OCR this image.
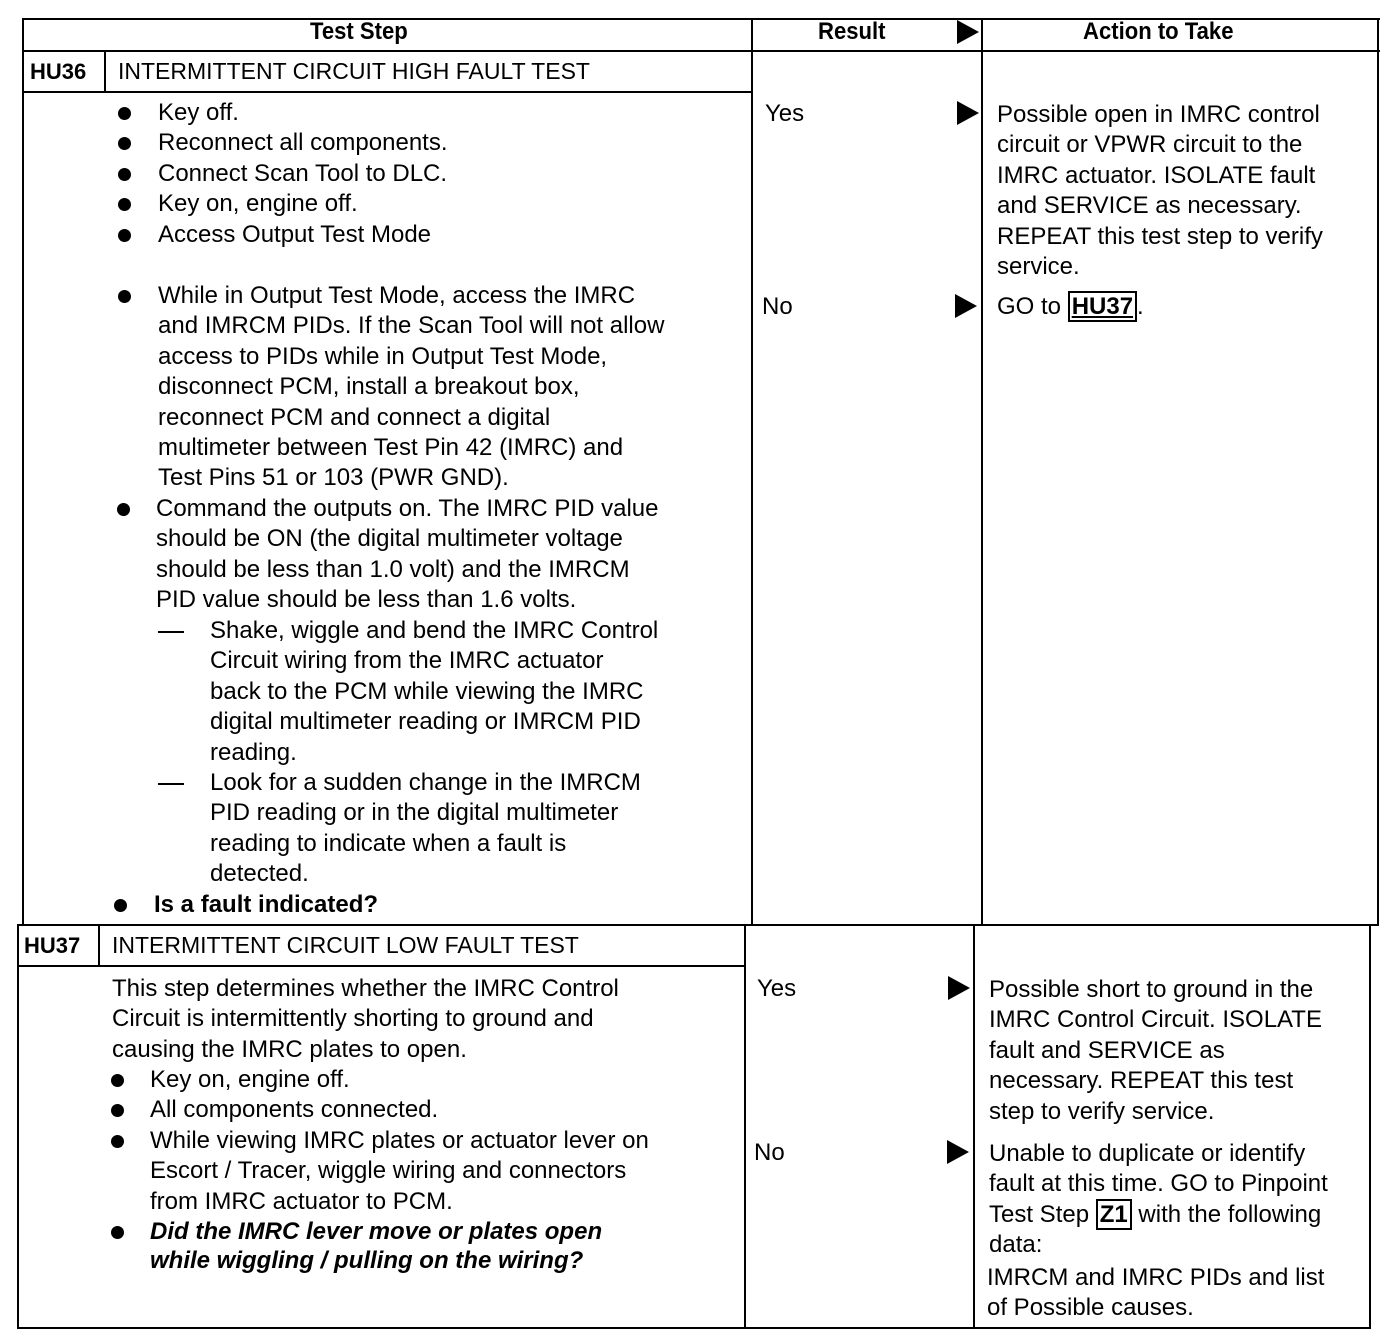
Test Step	Result	Action to Take
HU36 INTERMITTENT CIRCUIT HIGH FAULT TEST
Key off.
Reconnect all components.
Connect Scan Tool to DLC.
Key on, engine off.
Access Output Test Mode
While in Output Test Mode, access the IMRC
and IMRCM PIDs. If the Scan Tool will not allow
access to PIDs while in Output Test Mode,
disconnect PCM, install a breakout box,
reconnect PCM and connect a digital
multimeter between Test Pin 42 (IMRC) and
Test Pins 51 or 103 (PWR GND).
Command the outputs on. The IMRC PID value
should be ON (the digital multimeter voltage
should be less than 1.0 volt) and the IMRCM
PID value should be less than 1.6 volts.
Shake, wiggle and bend the IMRC Control
Circuit wiring from the IMRC actuator
back to the PCM while viewing the IMRC
digital multimeter reading or IMRCM PID
reading.
Look for a sudden change in the IMRCM
PID reading or in the digital multimeter
reading to indicate when a fault is
detected.
Is a fault indicated?
Yes	Possible open in IMRC control
circuit or VPWR circuit to the
IMRC actuator. ISOLATE fault
and SERVICE as necessary.
REPEAT this test step to verify
service.
No	GO to HU37 .
HU37 INTERMITTENT CIRCUIT LOW FAULT TEST
This step determines whether the IMRC Control
Circuit is intermittently shorting to ground and
causing the IMRC plates to open.
Key on, engine off.
All components connected.
While viewing IMRC plates or actuator lever on
Escort / Tracer, wiggle wiring and connectors
from IMRC actuator to PCM.
Did the IMRC lever move or plates open
while wiggling / pulling on the wiring?
Yes	Possible short to ground in the
IMRC Control Circuit. ISOLATE
fault and SERVICE as
necessary. REPEAT this test
step to verify service.
No	Unable to duplicate or identify
fault at this time. GO to Pinpoint
Test Step Z1 with the following
data:
IMRCM and IMRC PIDs and list
of Possible causes.
